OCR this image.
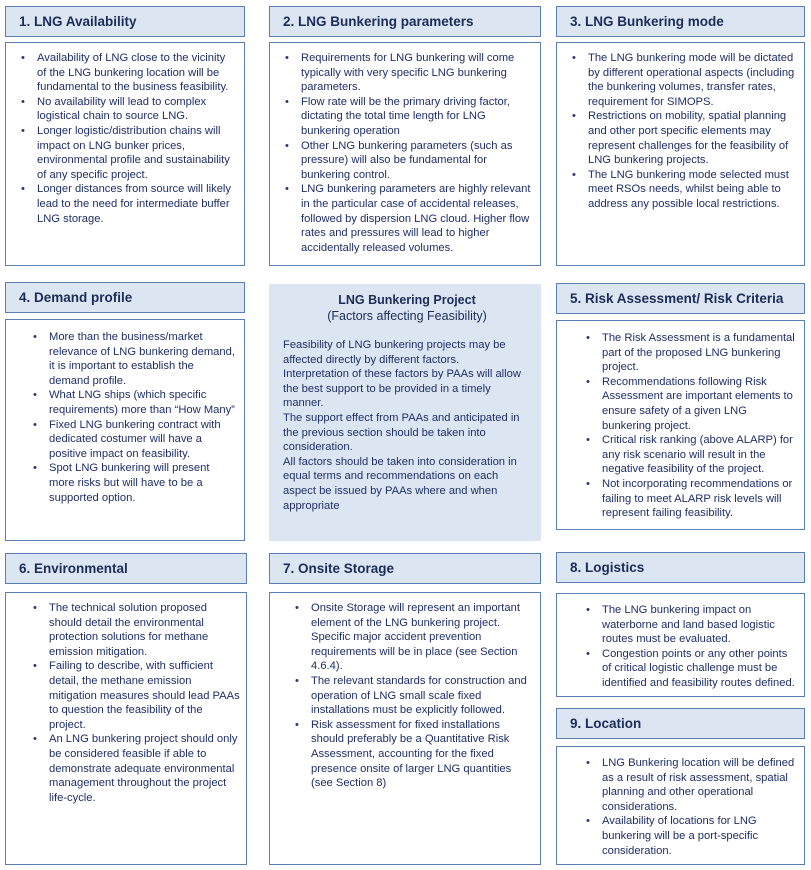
1. LNG Availability
• Availability of LNG close to the vicinity of the LNG bunkering location will be fundamental to the business feasibility.
• No availability will lead to complex logistical chain to source LNG.
• Longer logistic/distribution chains will impact on LNG bunker prices, environmental profile and sustainability of any specific project.
• Longer distances from source will likely lead to the need for intermediate buffer LNG storage.
2. LNG Bunkering parameters
• Requirements for LNG bunkering will come typically with very specific LNG bunkering parameters.
• Flow rate will be the primary driving factor, dictating the total time length for LNG bunkering operation
• Other LNG bunkering parameters (such as pressure) will also be fundamental for bunkering control.
• LNG bunkering parameters are highly relevant in the particular case of accidental releases, followed by dispersion LNG cloud. Higher flow rates and pressures will lead to higher accidentally released volumes.
3. LNG Bunkering mode
• The LNG bunkering mode will be dictated by different operational aspects (including the bunkering volumes, transfer rates, requirement for SIMOPS.
• Restrictions on mobility, spatial planning and other port specific elements may represent challenges for the feasibility of LNG bunkering projects.
• The LNG bunkering mode selected must meet RSOs needs, whilst being able to address any possible local restrictions.
4. Demand profile
• More than the business/market relevance of LNG bunkering demand, it is important to establish the demand profile.
• What LNG ships (which specific requirements) more than “How Many”
• Fixed LNG bunkering contract with dedicated costumer will have a positive impact on feasibility.
• Spot LNG bunkering will present more risks but will have to be a supported option.
LNG Bunkering Project
(Factors affecting Feasibility)

Feasibility of LNG bunkering projects may be affected directly by different factors.

Interpretation of these factors by PAAs will allow the best support to be provided in a timely manner.

The support effect from PAAs and anticipated in the previous section should be taken into consideration.

All factors should be taken into consideration in equal terms and recommendations on each aspect be issued by PAAs where and when appropriate

5. Risk Assessment/ Risk Criteria
• The Risk Assessment is a fundamental part of the proposed LNG bunkering project.
• Recommendations following Risk Assessment are important elements to ensure safety of a given LNG bunkering project.
• Critical risk ranking (above ALARP) for any risk scenario will result in the negative feasibility of the project.
• Not incorporating recommendations or failing to meet ALARP risk levels will represent failing feasibility.
6. Environmental
• The technical solution proposed should detail the environmental protection solutions for methane emission mitigation.
• Failing to describe, with sufficient detail, the methane emission mitigation measures should lead PAAs to question the feasibility of the project.
• An LNG bunkering project should only be considered feasible if able to demonstrate adequate environmental management throughout the project life-cycle.
7. Onsite Storage
• Onsite Storage will represent an important element of the LNG bunkering project. Specific major accident prevention requirements will be in place (see Section 4.6.4).
• The relevant standards for construction and operation of LNG small scale fixed installations must be explicitly followed.
• Risk assessment for fixed installations should preferably be a Quantitative Risk Assessment, accounting for the fixed presence onsite of larger LNG quantities (see Section 8)
8. Logistics
• The LNG bunkering impact on waterborne and land based logistic routes must be evaluated.
• Congestion points or any other points of critical logistic challenge must be identified and feasibility routes defined.
9. Location
• LNG Bunkering location will be defined as a result of risk assessment, spatial planning and other operational considerations.
• Availability of locations for LNG bunkering will be a port-specific consideration.
